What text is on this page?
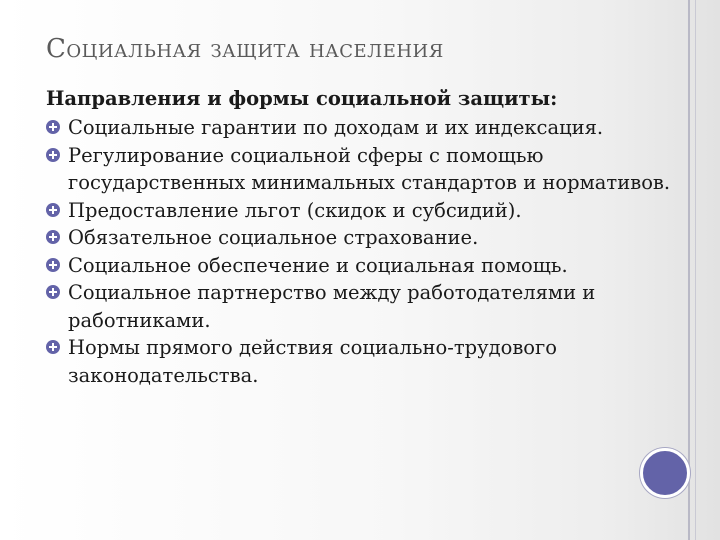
Социальная защита населения
Направления и формы социальной защиты:
Социальные гарантии по доходам и их индексация.
Регулирование социальной сферы с помощью государственных минимальных стандартов и нормативов.
Предоставление льгот (скидок и субсидий).
Обязательное социальное страхование.
Социальное обеспечение и социальная помощь.
Социальное партнерство между работодателями и работниками.
Нормы прямого действия социально-трудового законодательства.
